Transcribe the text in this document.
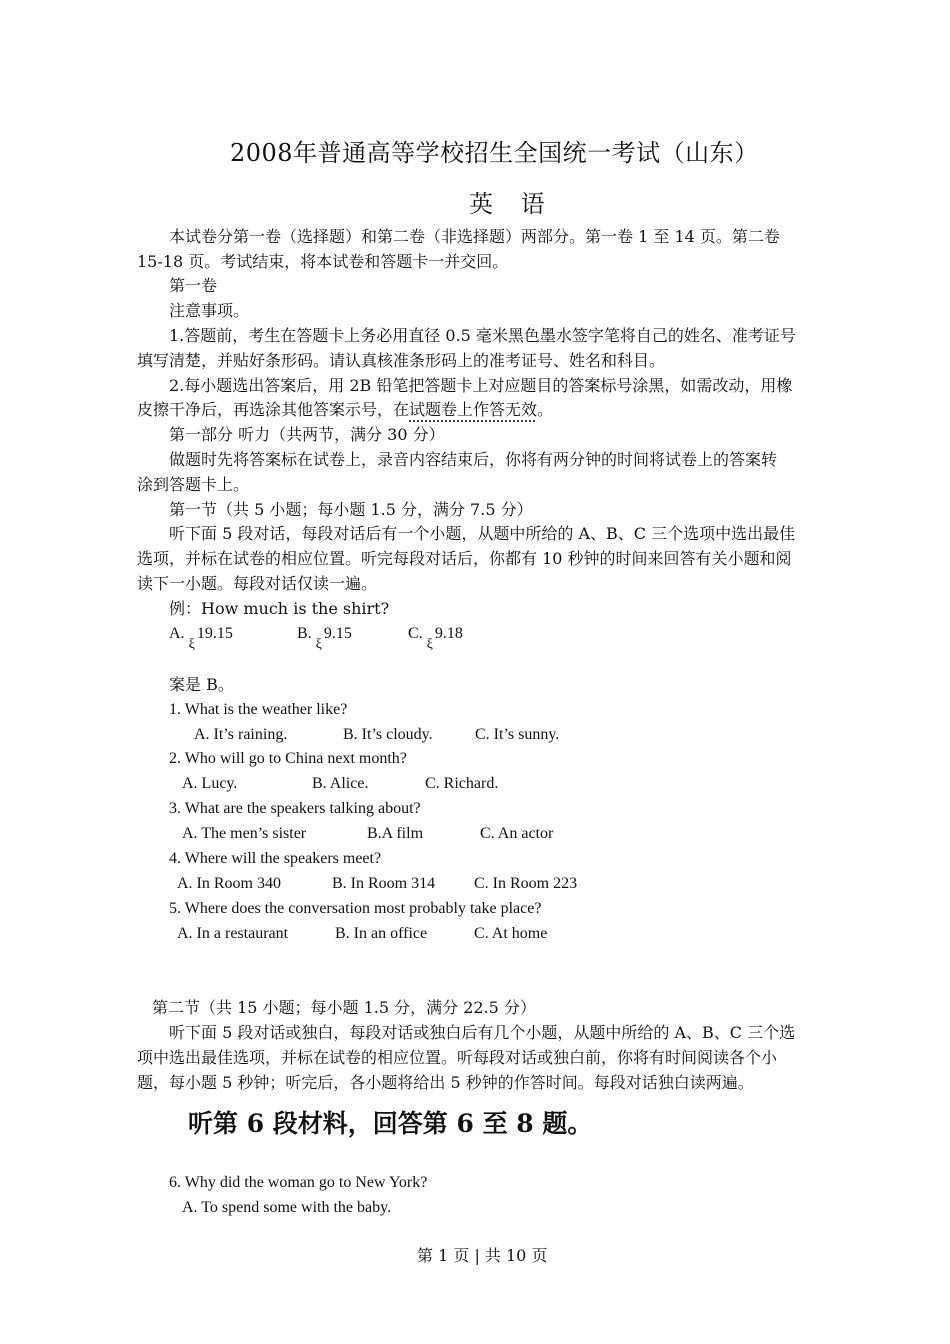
2008年普通高等学校招生全国统一考试（山东）
英 语
本试卷分第一卷（选择题）和第二卷（非选择题）两部分。第一卷 1 至 14 页。第二卷
15-18 页。考试结束，将本试卷和答题卡一并交回。
第一卷
注意事项。
1.答题前，考生在答题卡上务必用直径 0.5 毫米黑色墨水签字笔将自己的姓名、准考证号
填写清楚，并贴好条形码。请认真核准条形码上的准考证号、姓名和科目。
2.每小题选出答案后，用 2B 铅笔把答题卡上对应题目的答案标号涂黑，如需改动，用橡
皮擦干净后，再选涂其他答案示号，在试题卷上作答无效。
第一部分 听力（共两节，满分 30 分）
做题时先将答案标在试卷上，录音内容结束后，你将有两分钟的时间将试卷上的答案转
涂到答题卡上。
第一节（共 5 小题；每小题 1.5 分，满分 7.5 分）
听下面 5 段对话，每段对话后有一个小题，从题中所给的 A、B、C 三个选项中选出最佳
选项，并标在试卷的相应位置。听完每段对话后，你都有 10 秒钟的时间来回答有关小题和阅
读下一小题。每段对话仅读一遍。
例：How much is the shirt?
A. ξ19.15	B. ξ9.15	C. ξ9.18
案是 B。
1. What is the weather like?
A. It’s raining.	B. It’s cloudy.	C. It’s sunny.
2. Who will go to China next month?
A. Lucy.	B. Alice.	C. Richard.
3. What are the speakers talking about?
A. The men’s sister	B.A film	C. An actor
4. Where will the speakers meet?
A. In Room 340	B. In Room 314 C. In Room 223
5. Where does the conversation most probably take place?
A. In a restaurant	B. In an office	C. At home
第二节（共 15 小题；每小题 1.5 分，满分 22.5 分）
听下面 5 段对话或独白，每段对话或独白后有几个小题，从题中所给的 A、B、C 三个选
项中选出最佳选项，并标在试卷的相应位置。听每段对话或独白前，你将有时间阅读各个小
题，每小题 5 秒钟；听完后，各小题将给出 5 秒钟的作答时间。每段对话独白读两遍。
听第 6 段材料，回答第 6 至 8 题。
6. Why did the woman go to New York?
A. To spend some with the baby.
第 1 页 | 共 10 页
